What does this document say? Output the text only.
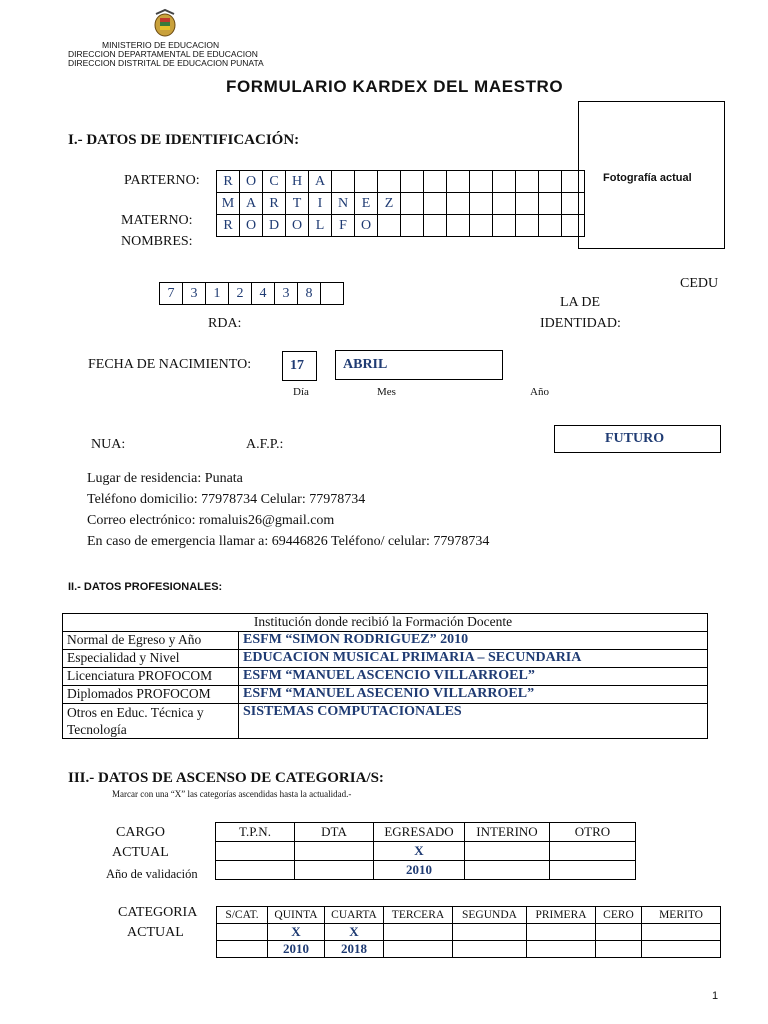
MINISTERIO DE EDUCACION
DIRECCION DEPARTAMENTAL DE EDUCACION
DIRECCION DISTRITAL DE EDUCACION PUNATA
FORMULARIO KARDEX DEL MAESTRO
I.- DATOS DE IDENTIFICACIÓN:
Fotografía actual
PARTERNO:
MATERNO:
NOMBRES:
R	O	C	H	A											
M	A	R	T	I	N	E	Z								
R	O	D	O	L	F	O									
7	3	1	2	4	3	8	
RDA:
CEDU
LA DE
IDENTIDAD:
FECHA DE NACIMIENTO:	17	ABRIL
Día	Mes	Año
NUA:	A.F.P.:	FUTURO
Lugar de residencia: Punata
Teléfono domicilio: 77978734 Celular: 77978734
Correo electrónico: romaluis26@gmail.com
En caso de emergencia llamar a: 69446826 Teléfono/ celular: 77978734
II.- DATOS PROFESIONALES:
Institución donde recibió la Formación Docente	
Normal de Egreso y Año	ESFM “SIMON RODRIGUEZ” 2010
Especialidad y Nivel	EDUCACION MUSICAL PRIMARIA – SECUNDARIA
Licenciatura PROFOCOM	ESFM “MANUEL ASCENCIO VILLARROEL”
Diplomados PROFOCOM	ESFM “MANUEL ASECENIO VILLARROEL”
Otros en Educ. Técnica y Tecnología	SISTEMAS COMPUTACIONALES
III.- DATOS DE ASCENSO DE CATEGORIA/S:
Marcar con una “X” las categorías ascendidas hasta la actualidad.-
CARGO
ACTUAL
Año de validación
T.P.N.	DTA	EGRESADO	INTERINO	OTRO
		X		
		2010		
CATEGORIA
ACTUAL
S/CAT.	QUINTA	CUARTA	TERCERA	SEGUNDA	PRIMERA	CERO	MERITO
	X	X					
	2010	2018					
1
